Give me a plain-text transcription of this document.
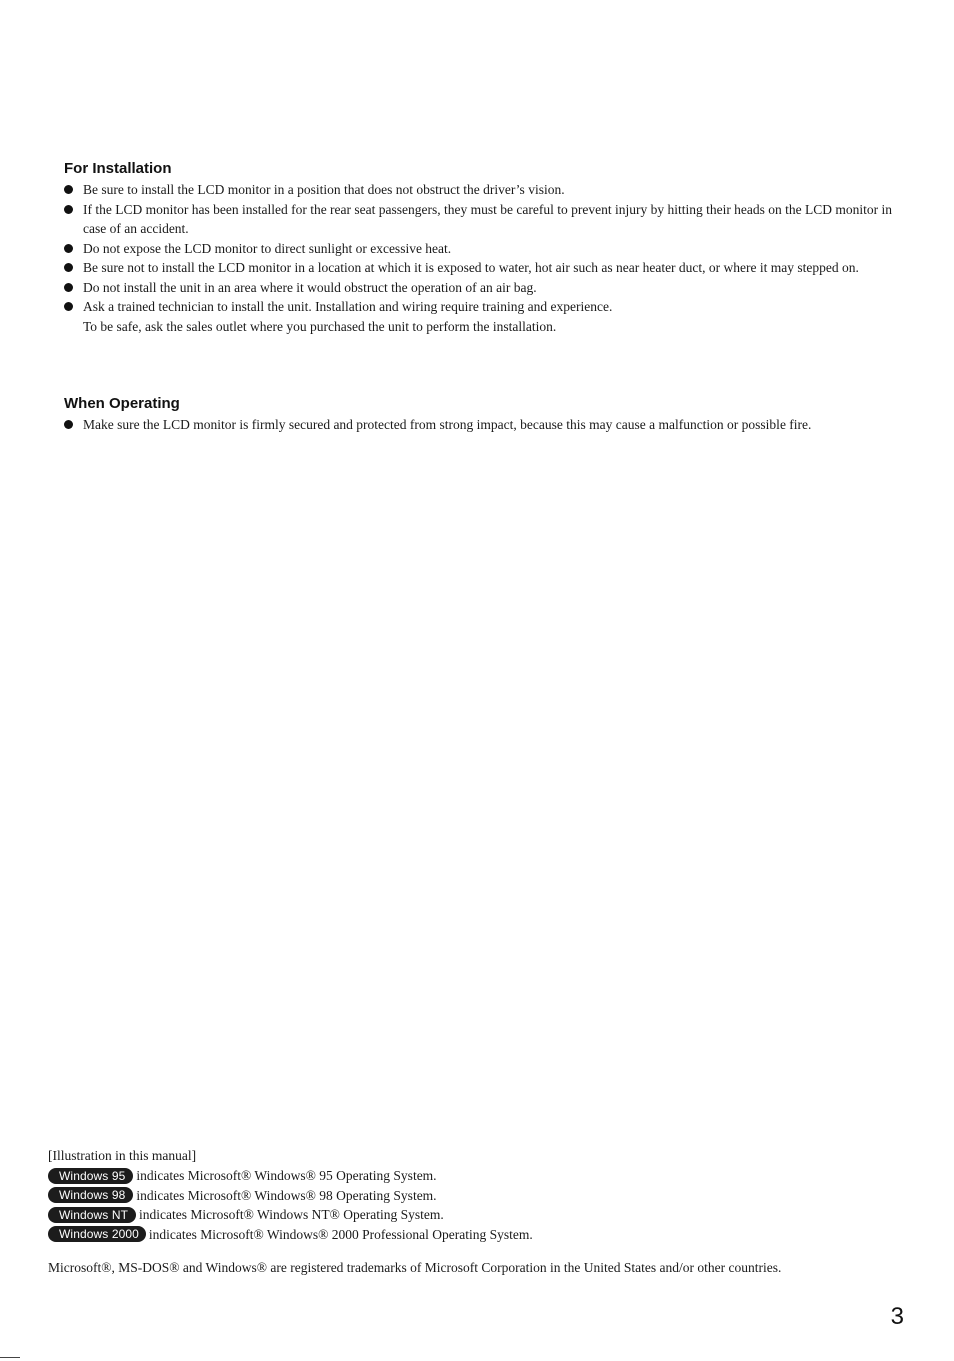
For Installation
Be sure to install the LCD monitor in a position that does not obstruct the driver’s vision.
If the LCD monitor has been installed for the rear seat passengers, they must be careful to prevent injury by hitting their heads on the LCD monitor in case of an accident.
Do not expose the LCD monitor to direct sunlight or excessive heat.
Be sure not to install the LCD monitor in a location at which it is exposed to water, hot air such as near heater duct, or where it may stepped on.
Do not install the unit in an area where it would obstruct the operation of an air bag.
Ask a trained technician to install the unit. Installation and wiring require training and experience.
To be safe, ask the sales outlet where you purchased the unit to perform the installation.
When Operating
Make sure the LCD monitor is firmly secured and protected from strong impact, because this may cause a malfunction or possible fire.
[Illustration in this manual]
Windows 95 indicates Microsoft® Windows® 95 Operating System.
Windows 98 indicates Microsoft® Windows® 98 Operating System.
Windows NT indicates Microsoft® Windows NT® Operating System.
Windows 2000 indicates Microsoft® Windows® 2000 Professional Operating System.
Microsoft®, MS-DOS® and Windows® are registered trademarks of Microsoft Corporation in the United States and/or other countries.
3
